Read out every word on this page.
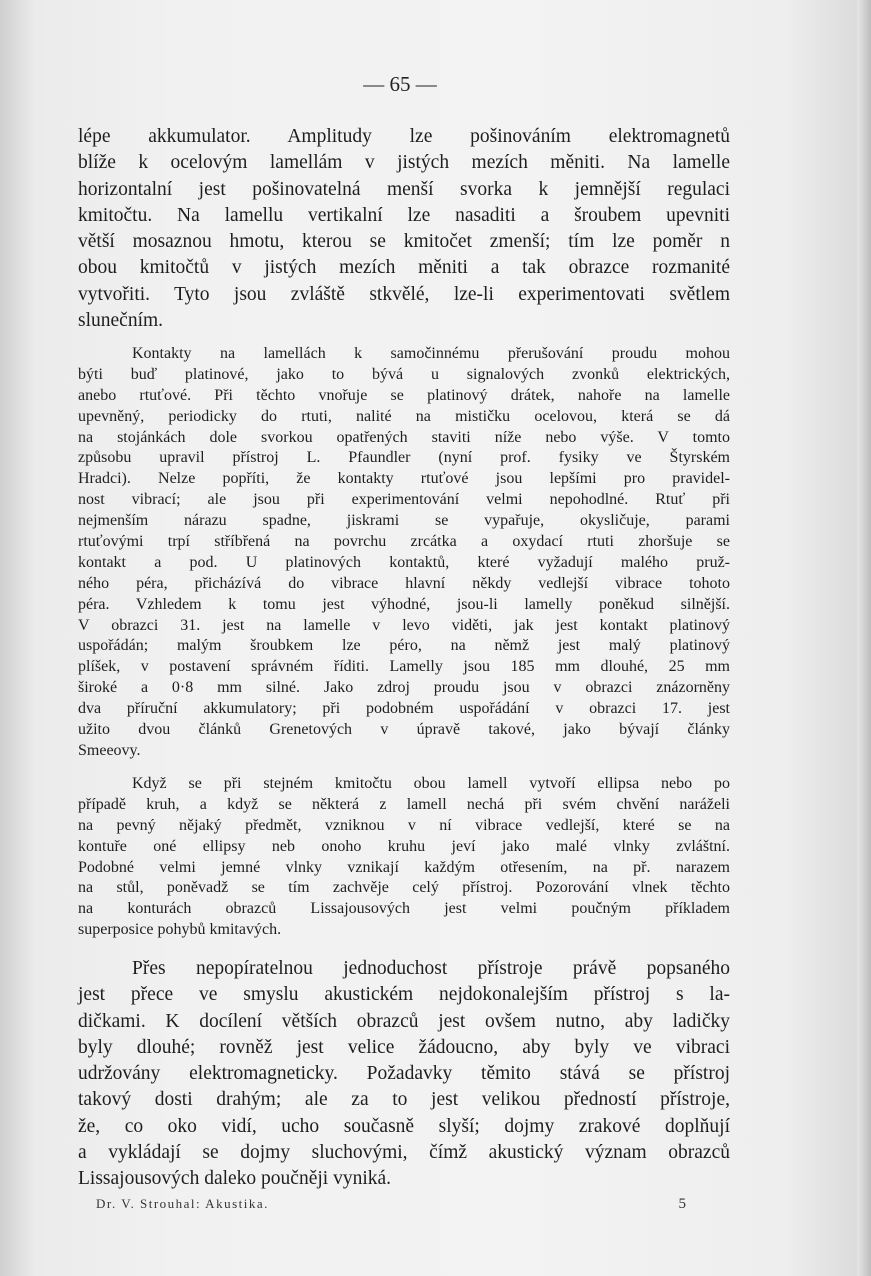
— 65 —
lépe akkumulator. Amplitudy lze pošinováním elektromagnetů
blíže k ocelovým lamellám v jistých mezích měniti. Na lamelle
horizontalní jest pošinovatelná menší svorka k jemnější regulaci
kmitočtu. Na lamellu vertikalní lze nasaditi a šroubem upevniti
větší mosaznou hmotu, kterou se kmitočet zmenší; tím lze poměr n
obou kmitočtů v jistých mezích měniti a tak obrazce rozmanité
vytvořiti. Tyto jsou zvláště stkvělé, lze-li experimentovati světlem
slunečním.
Kontakty na lamellách k samočinnému přerušování proudu mohou
býti buď platinové, jako to bývá u signalových zvonků elektrických,
anebo rtuťové. Při těchto vnořuje se platinový drátek, nahoře na lamelle
upevněný, periodicky do rtuti, nalité na mističku ocelovou, která se dá
na stojánkách dole svorkou opatřených staviti níže nebo výše. V tomto
způsobu upravil přístroj L. Pfaundler (nyní prof. fysiky ve Štyrském
Hradci). Nelze popříti, že kontakty rtuťové jsou lepšími pro pravidel-
nost vibrací; ale jsou při experimentování velmi nepohodlné. Rtuť při
nejmenším nárazu spadne, jiskrami se vypařuje, okysličuje, parami
rtuťovými trpí stříbřená na povrchu zrcátka a oxydací rtuti zhoršuje se
kontakt a pod. U platinových kontaktů, které vyžadují malého pruž-
ného péra, přicházívá do vibrace hlavní někdy vedlejší vibrace tohoto
péra. Vzhledem k tomu jest výhodné, jsou-li lamelly poněkud silnější.
V obrazci 31. jest na lamelle v levo viděti, jak jest kontakt platinový
uspořádán; malým šroubkem lze péro, na němž jest malý platinový
plíšek, v postavení správném říditi. Lamelly jsou 185 mm dlouhé, 25 mm
široké a 0·8 mm silné. Jako zdroj proudu jsou v obrazci znázorněny
dva příruční akkumulatory; při podobném uspořádání v obrazci 17. jest
užito dvou článků Grenetových v úpravě takové, jako bývají články
Smeeovy.
Když se při stejném kmitočtu obou lamell vytvoří ellipsa nebo po
případě kruh, a když se některá z lamell nechá při svém chvění naráželi
na pevný nějaký předmět, vzniknou v ní vibrace vedlejší, které se na
kontuře oné ellipsy neb onoho kruhu jeví jako malé vlnky zvláštní.
Podobné velmi jemné vlnky vznikají každým otřesením, na př. narazem
na stůl, poněvadž se tím zachvěje celý přístroj. Pozorování vlnek těchto
na konturách obrazců Lissajousových jest velmi poučným příkladem
superposice pohybů kmitavých.
Přes nepopíratelnou jednoduchost přístroje právě popsaného
jest přece ve smyslu akustickém nejdokonalejším přístroj s la-
dičkami. K docílení větších obrazců jest ovšem nutno, aby ladičky
byly dlouhé; rovněž jest velice žádoucno, aby byly ve vibraci
udržovány elektromagneticky. Požadavky těmito stává se přístroj
takový dosti drahým; ale za to jest velikou předností přístroje,
že, co oko vidí, ucho současně slyší; dojmy zrakové doplňují
a vykládají se dojmy sluchovými, čímž akustický význam obrazců
Lissajousových daleko poučněji vyniká.
Dr. V. Strouhal: Akustika.	5
